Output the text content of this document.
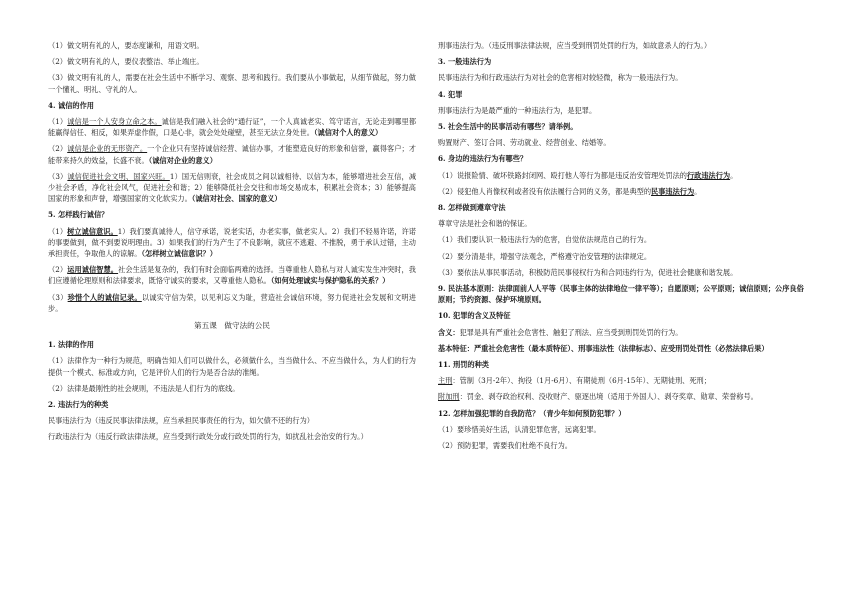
（1）做文明有礼的人，要态度谦和，用语文明。

（2）做文明有礼的人，要仪表整洁、举止端庄。

（3）做文明有礼的人，需要在社会生活中不断学习、观察、思考和践行。我们要从小事做起，从细节做起，努力做一个懂礼、明礼、守礼的人。

4. 诚信的作用

（1）诚信是一个人安身立命之本。诚信是我们融入社会的“通行证”，一个人真诚老实、笃守诺言，无论走到哪里都能赢得信任、相反，如果弄虚作假，口是心非，就会处处碰壁，甚至无法立身处世。（诚信对个人的意义）

（2）诚信是企业的无形资产。一个企业只有坚持诚信经营、诚信办事，才能塑造良好的形象和信誉，赢得客户；才能带来持久的效益，长盛不衰。（诚信对企业的意义）

（3）诚信促进社会文明、国家兴旺。1）国无信则衰，社会成员之间以诚相待、以信为本，能够增进社会互信，减少社会矛盾，净化社会风气，促进社会和谐；2）能够降低社会交往和市场交易成本，积累社会资本；3）能够提高国家的形象和声誉，增强国家的文化软实力。（诚信对社会、国家的意义）

5. 怎样践行诚信？

（1）树立诚信意识。1）我们要真诚待人，信守承诺，说老实话，办老实事，做老实人。2）我们不轻易许诺，许诺的事要做到，做不到要说明理由。3）如果我们的行为产生了不良影响，就应不逃避、不推脱，勇于承认过错，主动承担责任，争取他人的谅解。（怎样树立诚信意识？）

（2）运用诚信智慧。社会生活是复杂的，我们有时会面临两难的选择。当尊重他人隐私与对人诚实发生冲突时，我们应遵循伦理原则和法律要求，既恪守诚实的要求，又尊重他人隐私。（如何处理诚实与保护隐私的关系？）

（3）珍惜个人的诚信记录。以诚实守信为荣，以见利忘义为耻，营造社会诚信环境，努力促进社会发展和文明进步。

第五课　做守法的公民

1. 法律的作用

（1）法律作为一种行为规范，明确告知人们可以做什么，必须做什么，当当做什么、不应当做什么，为人们的行为提供一个模式、标准或方向，它是评价人们的行为是否合法的准绳。

（2）法律是最刚性的社会规则，不违法是人们行为的底线。

2. 违法行为的种类

民事违法行为（违反民事法律法规，应当承担民事责任的行为，如欠债不还的行为）

行政违法行为（违反行政法律法规，应当受到行政处分或行政处罚的行为，如扰乱社会治安的行为。）

刑事违法行为。（违反刑事法律法规，应当受到刑罚处罚的行为，如故意杀人的行为。）

3. 一般违法行为

民事违法行为和行政违法行为对社会的危害相对较轻微，称为一般违法行为。

4. 犯罪

刑事违法行为是最严重的一种违法行为，是犯罪。

5. 社会生活中的民事活动有哪些？请举例。

购置财产、签订合同、劳动就业、经营创业、结婚等。

6. 身边的违法行为有哪些？

（1）说报险情、破坏铁路封闭网、殴打他人等行为都是违反治安管理处罚法的行政违法行为。

（2）侵犯他人肖像权利或者没有依法履行合同的义务，都是典型的民事违法行为。

8. 怎样做到遵章守法

尊章守法是社会和谐的保证。

（1）我们要认识一般违法行为的危害，自觉依法规范自己的行为。

（2）要分清是非，增强守法观念，严格遵守治安管理的法律规定。

（3）要依法从事民事活动，积极防范民事侵权行为和合同违约行为，促进社会健康和谐发展。

9. 民法基本原则：法律面前人人平等（民事主体的法律地位一律平等）；自愿原则；公平原则；诚信原则；公序良俗原则；节约资源、保护环境原则。

10. 犯罪的含义及特征

含义：犯罪是具有严重社会危害性、触犯了刑法、应当受到刑罚处罚的行为。

基本特征：严重社会危害性（最本质特征）、刑事违法性（法律标志）、应受刑罚处罚性（必然法律后果）

11. 刑罚的种类

主刑：管制（3月-2年）、拘役（1月-6月）、有期徒刑（6月-15年）、无期徒刑、死刑；

附加刑：罚金、剥夺政治权利、没收财产、驱逐出境（适用于外国人）、剥夺奖章、勋章、荣誉称号。

12. 怎样加强犯罪的自我防范？（青少年如何预防犯罪？）

（1）要珍惜美好生活，认清犯罪危害，远离犯罪。

（2）预防犯罪，需要我们杜绝不良行为。
